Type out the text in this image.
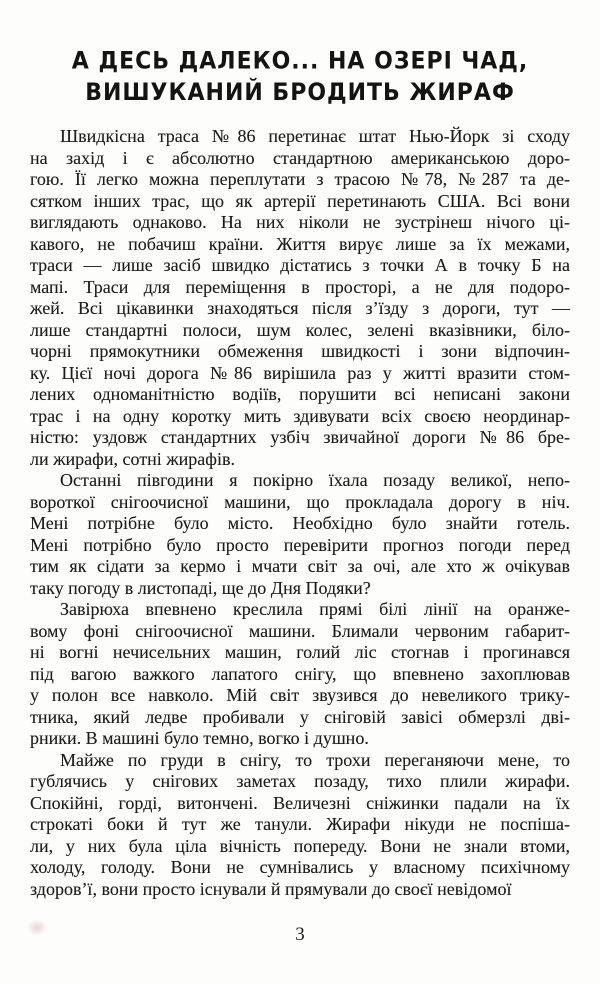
А ДЕСЬ ДАЛЕКО... НА ОЗЕРІ ЧАД,
ВИШУКАНИЙ БРОДИТЬ ЖИРАФ
Швидкісна траса №86 перетинає штат Нью-Йорк зі сходу
на захід і є абсолютно стандартною американською доро-
гою. Її легко можна переплутати з трасою №78, №287 та де-
сятком інших трас, що як артерії перетинають США. Всі вони
виглядають однаково. На них ніколи не зустрінеш нічого ці-
кавого, не побачиш країни. Життя вирує лише за їх межами,
траси — лише засіб швидко дістатись з точки А в точку Б на
мапі. Траси для переміщення в просторі, а не для подоро-
жей. Всі цікавинки знаходяться після з’їзду з дороги, тут —
лише стандартні полоси, шум колес, зелені вказівники, біло-
чорні прямокутники обмеження швидкості і зони відпочин-
ку. Цієї ночі дорога №86 вирішила раз у житті вразити стом-
лених одноманітністю водіїв, порушити всі неписані закони
трас і на одну коротку мить здивувати всіх своєю неординар-
ністю: уздовж стандартних узбіч звичайної дороги №86 бре-
ли жирафи, сотні жирафів.
Останні півгодини я покірно їхала позаду великої, непо-
вороткої снігоочисної машини, що прокладала дорогу в ніч.
Мені потрібне було місто. Необхідно було знайти готель.
Мені потрібно було просто перевірити прогноз погоди перед
тим як сідати за кермо і мчати світ за очі, але хто ж очікував
таку погоду в листопаді, ще до Дня Подяки?
Завірюха впевнено креслила прямі білі лінії на оранже-
вому фоні снігоочисної машини. Блимали червоним габарит-
ні вогні нечисельних машин, голий ліс стогнав і прогинався
під вагою важкого лапатого снігу, що впевнено захоплював
у полон все навколо. Мій світ звузився до невеликого трику-
тника, який ледве пробивали у сніговій завісі обмерзлі дві-
рники. В машині було темно, вогко і душно.
Майже по груди в снігу, то трохи переганяючи мене, то
гублячись у снігових заметах позаду, тихо плили жирафи.
Спокійні, горді, витончені. Величезні сніжинки падали на їх
строкаті боки й тут же танули. Жирафи нікуди не поспіша-
ли, у них була ціла вічність попереду. Вони не знали втоми,
холоду, голоду. Вони не сумнівались у власному психічному
здоров’ї, вони просто існували й прямували до своєї невідомої
3
